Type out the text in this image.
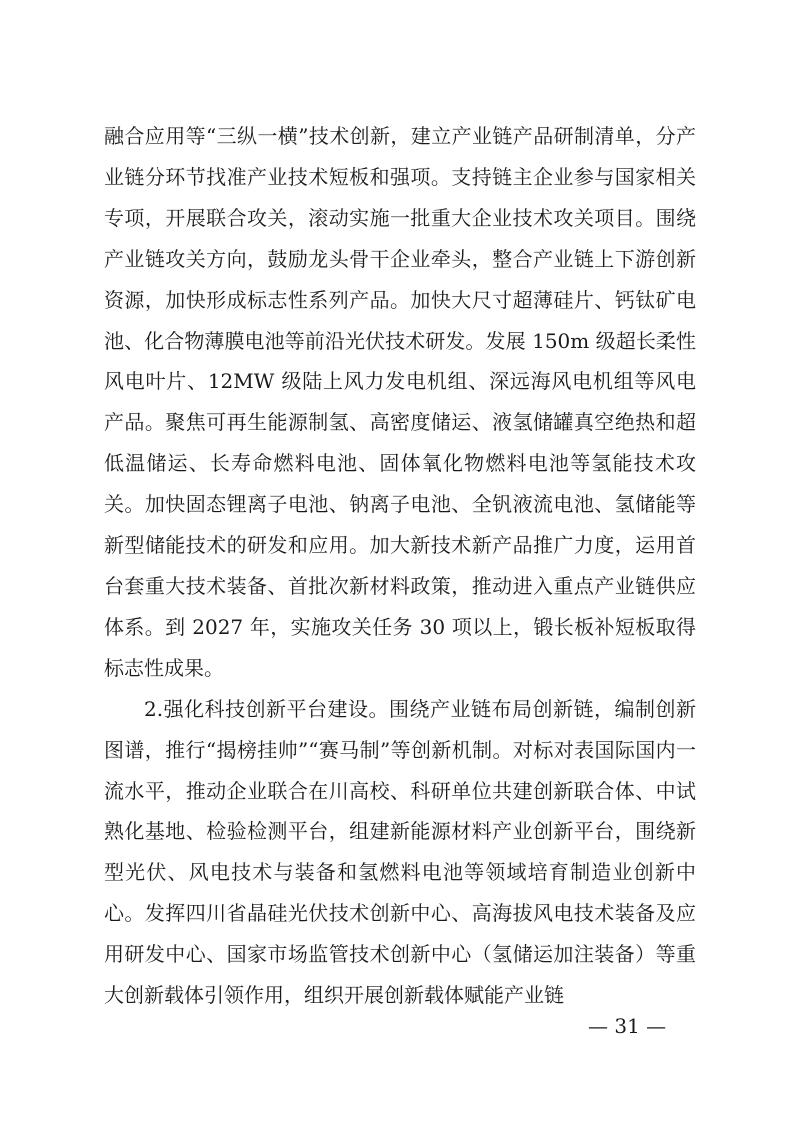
融合应用等“三纵一横”技术创新，建立产业链产品研制清单，分产业链分环节找准产业技术短板和强项。支持链主企业参与国家相关专项，开展联合攻关，滚动实施一批重大企业技术攻关项目。围绕产业链攻关方向，鼓励龙头骨干企业牵头，整合产业链上下游创新资源，加快形成标志性系列产品。加快大尺寸超薄硅片、钙钛矿电池、化合物薄膜电池等前沿光伏技术研发。发展 150m 级超长柔性风电叶片、12MW 级陆上风力发电机组、深远海风电机组等风电产品。聚焦可再生能源制氢、高密度储运、液氢储罐真空绝热和超低温储运、长寿命燃料电池、固体氧化物燃料电池等氢能技术攻关。加快固态锂离子电池、钠离子电池、全钒液流电池、氢储能等新型储能技术的研发和应用。加大新技术新产品推广力度，运用首台套重大技术装备、首批次新材料政策，推动进入重点产业链供应体系。到 2027 年，实施攻关任务 30 项以上，锻长板补短板取得标志性成果。

2.强化科技创新平台建设。围绕产业链布局创新链，编制创新图谱，推行“揭榜挂帅”“赛马制”等创新机制。对标对表国际国内一流水平，推动企业联合在川高校、科研单位共建创新联合体、中试熟化基地、检验检测平台，组建新能源材料产业创新平台，围绕新型光伏、风电技术与装备和氢燃料电池等领域培育制造业创新中心。发挥四川省晶硅光伏技术创新中心、高海拔风电技术装备及应用研发中心、国家市场监管技术创新中心（氢储运加注装备）等重大创新载体引领作用，组织开展创新载体赋能产业链

— 31 —
